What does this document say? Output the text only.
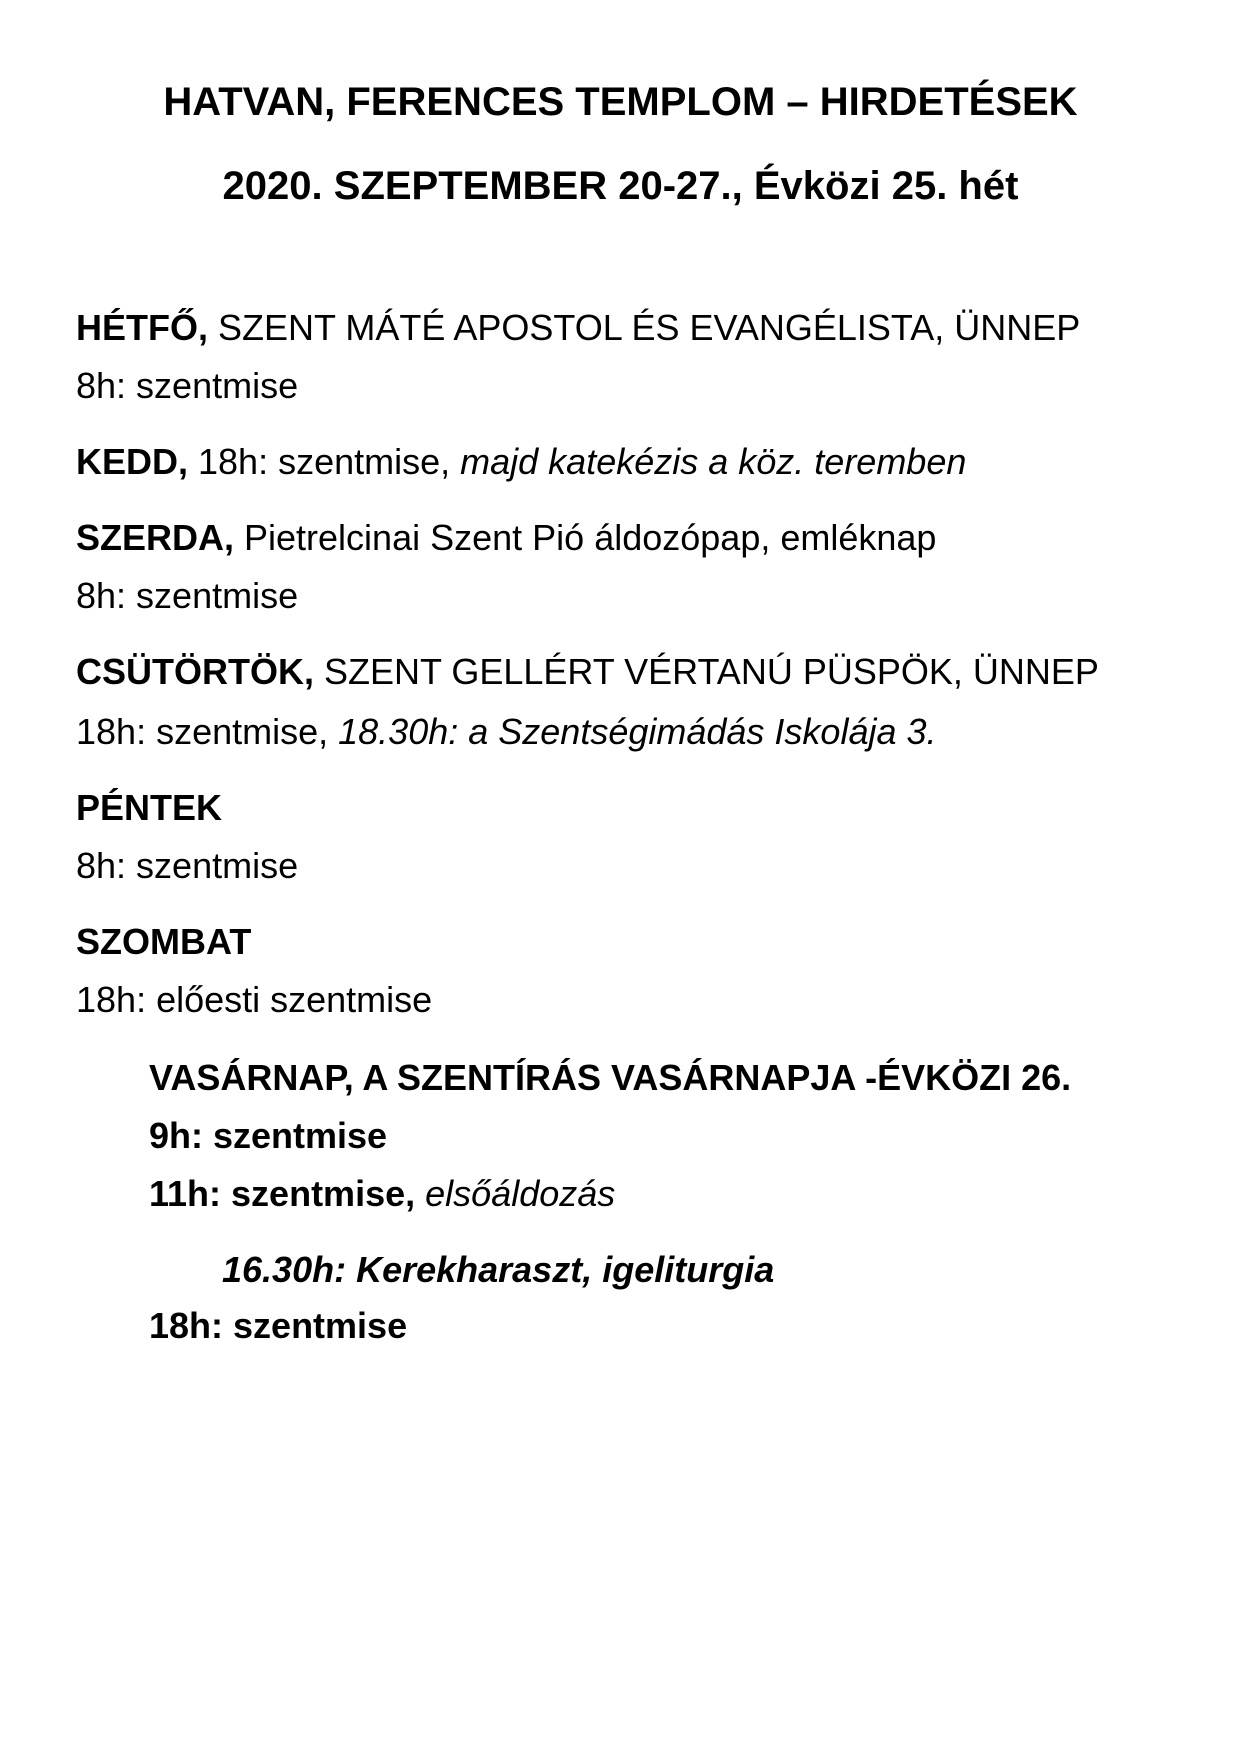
HATVAN, FERENCES TEMPLOM – HIRDETÉSEK
2020. SZEPTEMBER 20-27., Évközi 25. hét
HÉTFŐ, SZENT MÁTÉ APOSTOL ÉS EVANGÉLISTA, ÜNNEP
8h: szentmise
KEDD, 18h: szentmise, majd katekézis a köz. teremben
SZERDA, Pietrelcinai Szent Pió áldozópap, emléknap
8h: szentmise
CSÜTÖRTÖK, SZENT GELLÉRT VÉRTANÚ PÜSPÖK, ÜNNEP
18h: szentmise, 18.30h: a Szentségimádás Iskolája 3.
PÉNTEK
8h: szentmise
SZOMBAT
18h: előesti szentmise
VASÁRNAP, A SZENTÍRÁS VASÁRNAPJA -ÉVKÖZI 26.
9h: szentmise
11h: szentmise, elsőáldozás
16.30h: Kerekharaszt, igeliturgia
18h: szentmise
